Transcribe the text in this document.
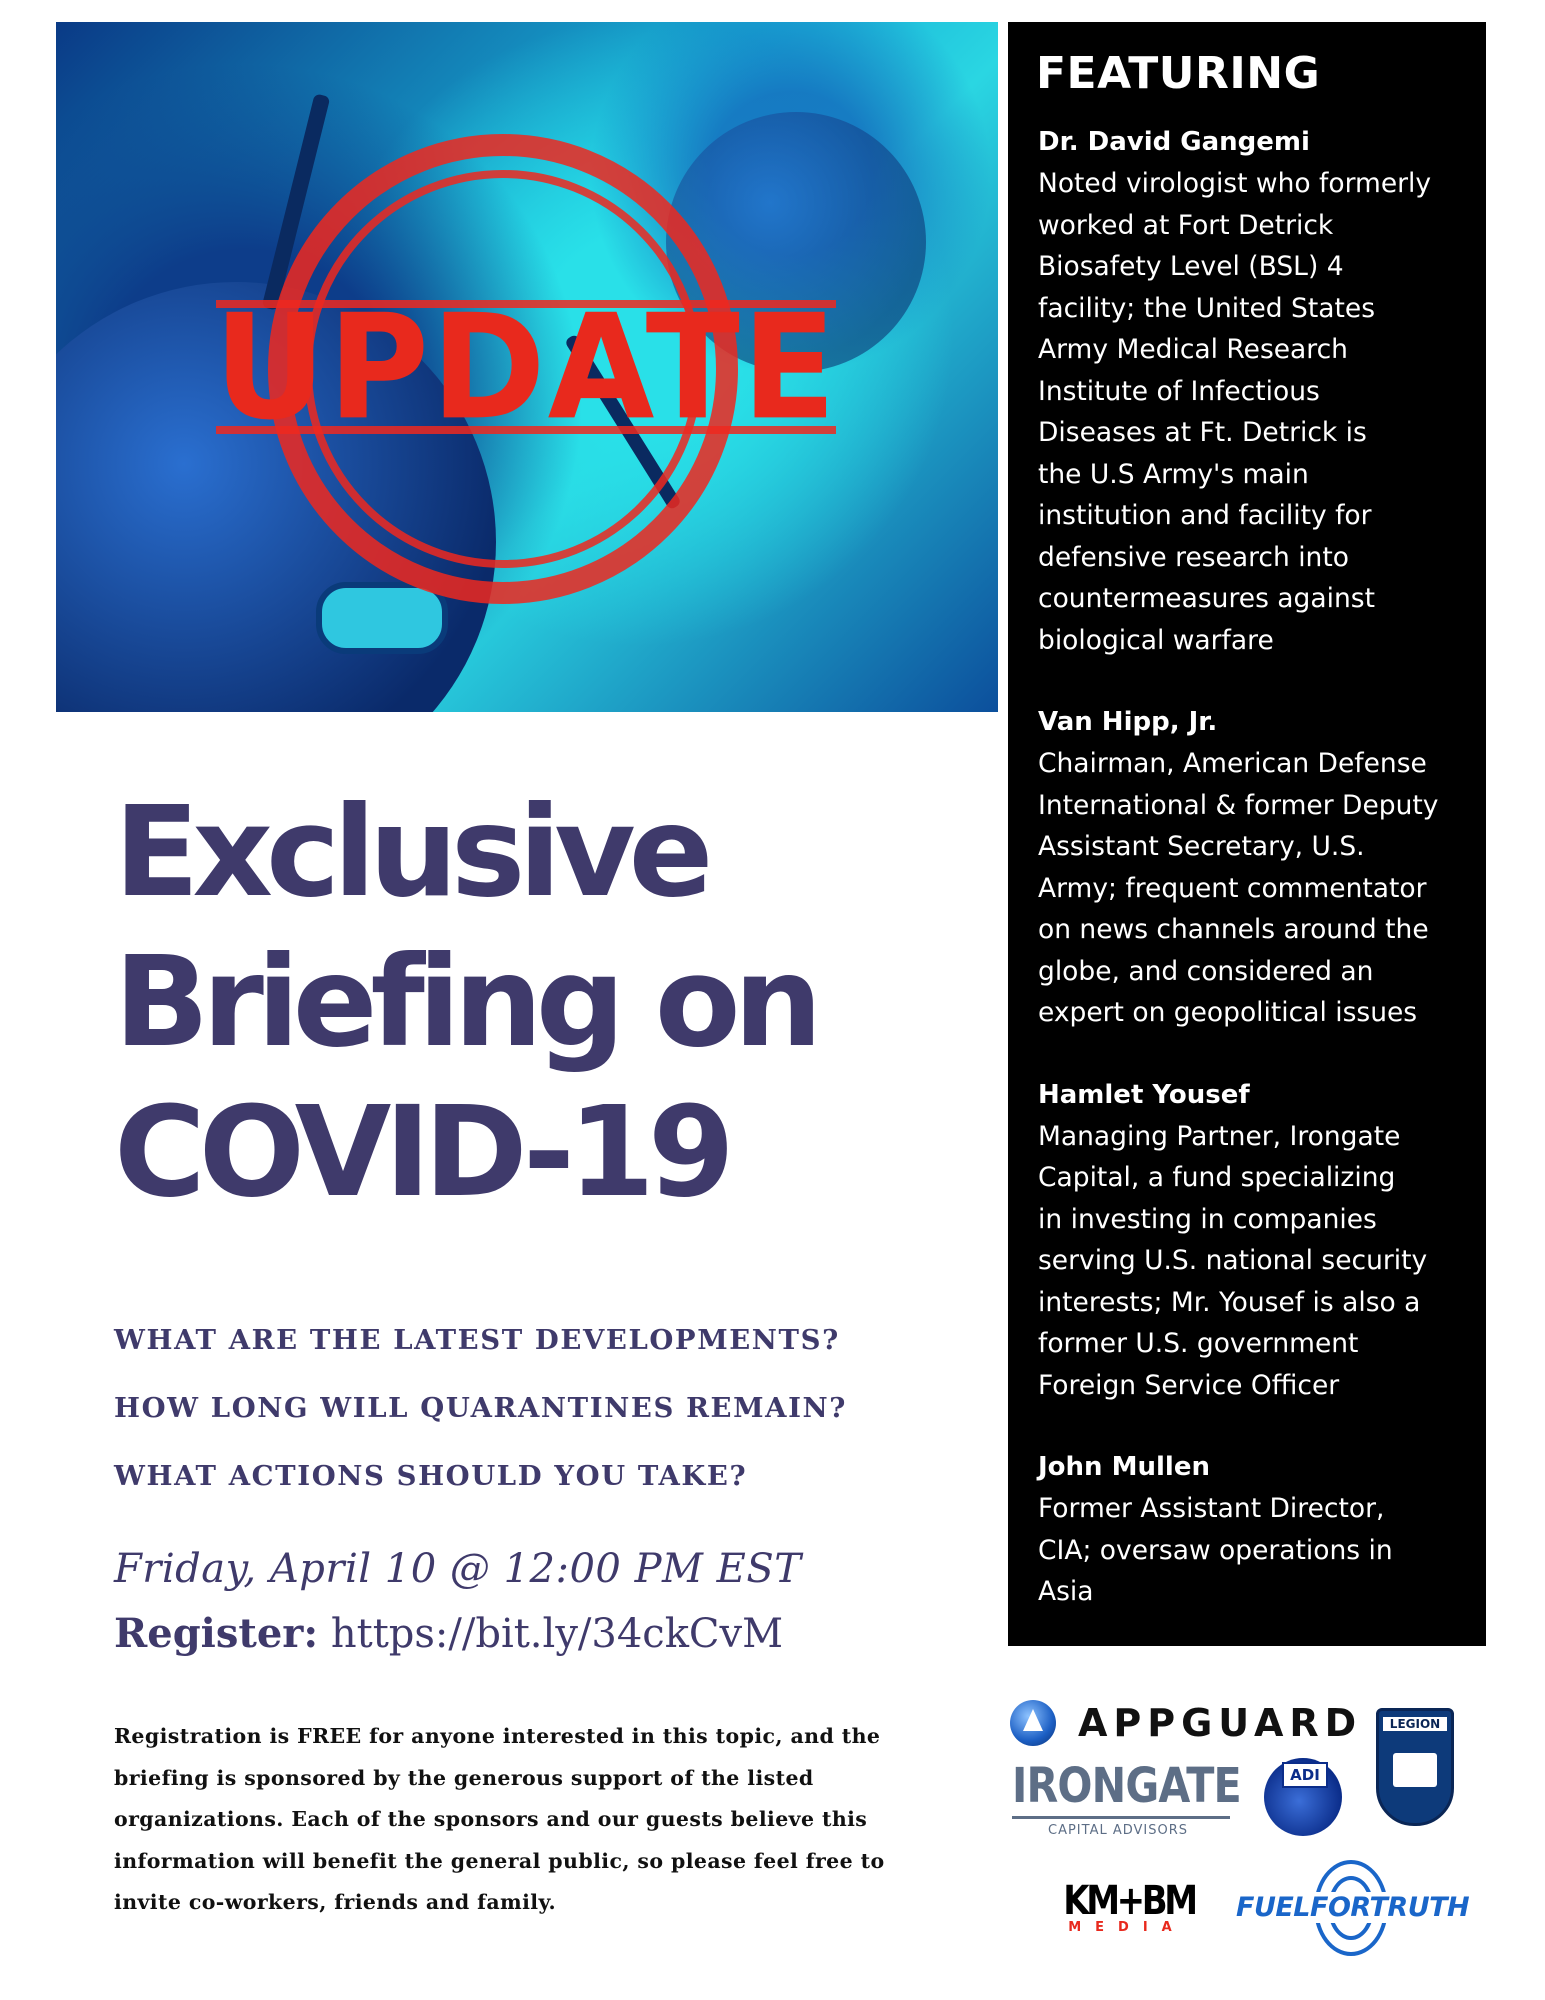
UPDATE
FEATURING
Dr. David Gangemi
Noted virologist who formerly
worked at Fort Detrick
Biosafety Level (BSL) 4
facility; the United States
Army Medical Research
Institute of Infectious
Diseases at Ft. Detrick is
the U.S Army's main
institution and facility for
defensive research into
countermeasures against
biological warfare
Van Hipp, Jr.
Chairman, American Defense
International & former Deputy
Assistant Secretary, U.S.
Army; frequent commentator
on news channels around the
globe, and considered an
expert on geopolitical issues
Hamlet Yousef
Managing Partner, Irongate
Capital, a fund specializing
in investing in companies
serving U.S. national security
interests; Mr. Yousef is also a
former U.S. government
Foreign Service Officer
John Mullen
Former Assistant Director,
CIA; oversaw operations in
Asia
Exclusive
Briefing on
COVID-19
WHAT ARE THE LATEST DEVELOPMENTS?
HOW LONG WILL QUARANTINES REMAIN?
WHAT ACTIONS SHOULD YOU TAKE?
Friday, April 10 @ 12:00 PM EST
Register: https://bit.ly/34ckCvM
Registration is FREE for anyone interested in this topic, and the
briefing is sponsored by the generous support of the listed
organizations. Each of the sponsors and our guests believe this
information will benefit the general public, so please feel free to
invite co-workers, friends and family.
APPGUARD	LEGION
IRONGATE
CAPITAL ADVISORS
ADI
KM+BM
MEDIA
FUELFORTRUTH
